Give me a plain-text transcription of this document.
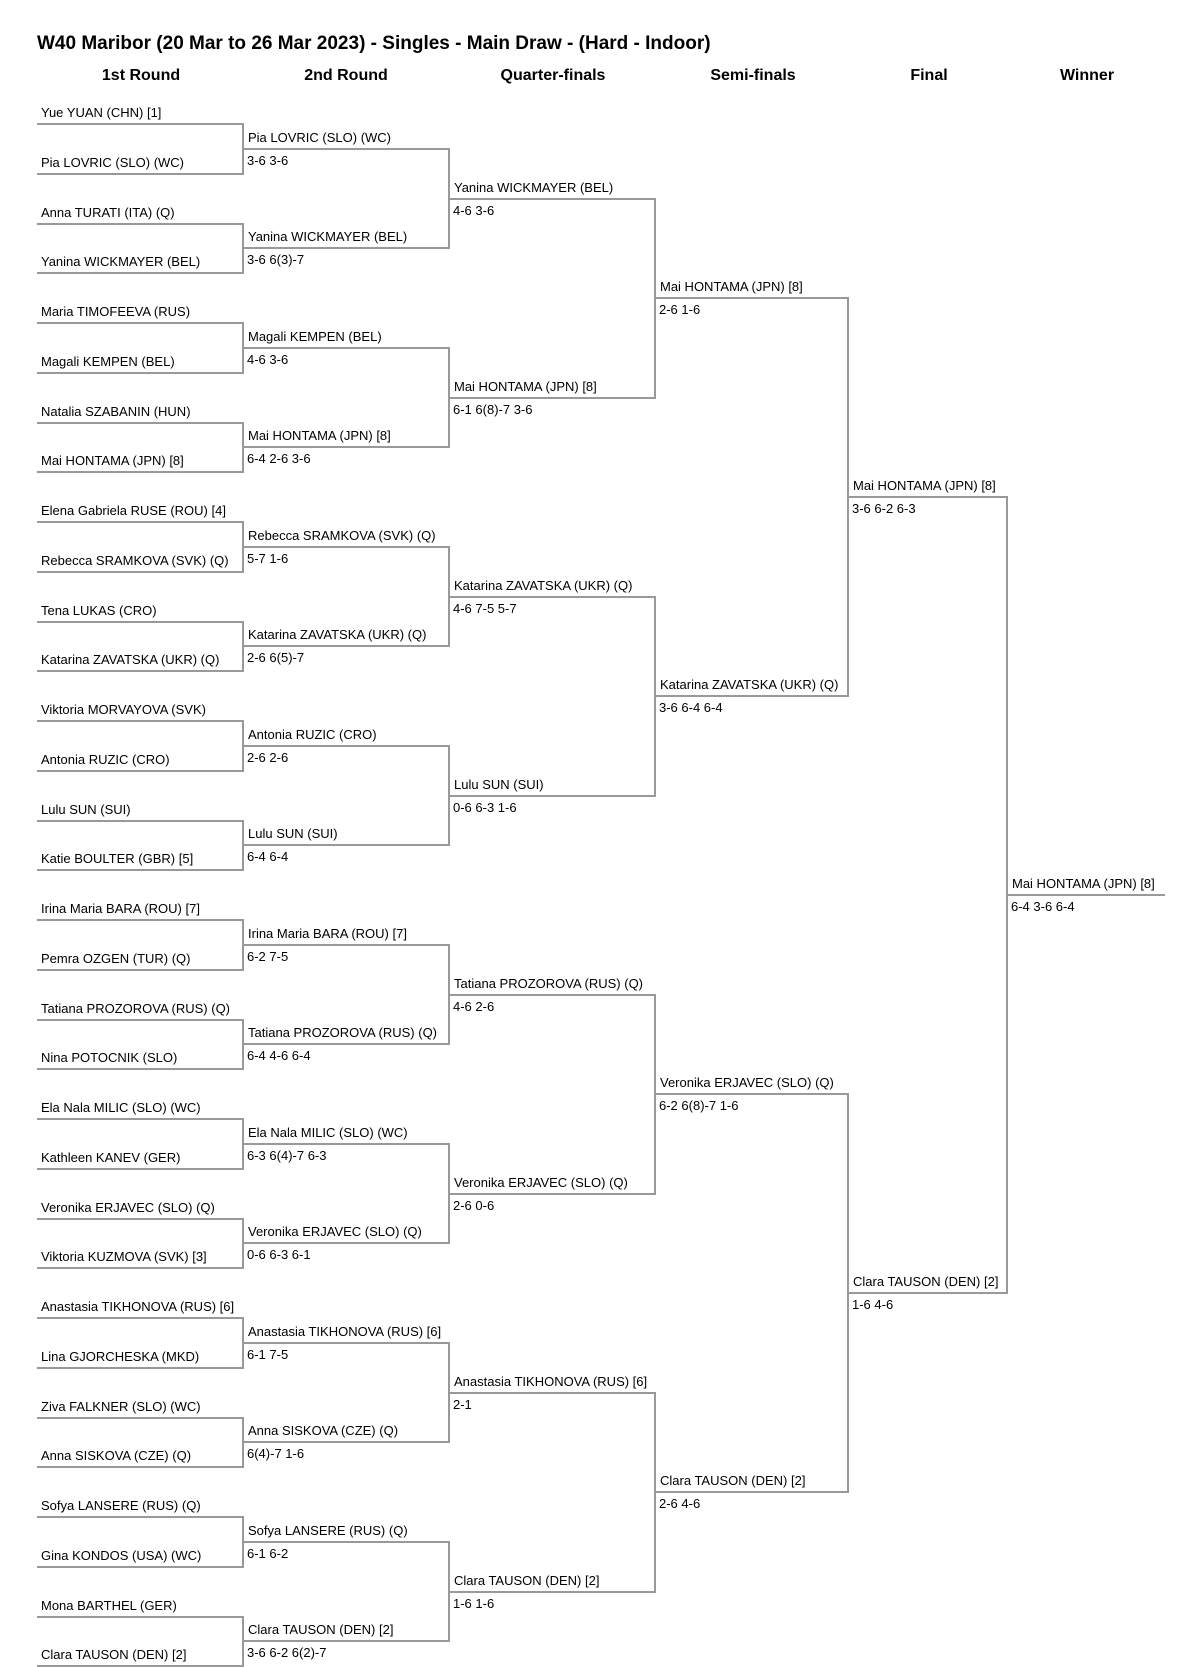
W40 Maribor (20 Mar to 26 Mar 2023) - Singles - Main Draw - (Hard - Indoor)
1st Round	2nd Round	Quarter-finals	Semi-finals	Final	Winner
Yue YUAN (CHN) [1]
Pia LOVRIC (SLO) (WC)
Anna TURATI (ITA) (Q)
Yanina WICKMAYER (BEL)
Maria TIMOFEEVA (RUS)
Magali KEMPEN (BEL)
Natalia SZABANIN (HUN)
Mai HONTAMA (JPN) [8]
Elena Gabriela RUSE (ROU) [4]
Rebecca SRAMKOVA (SVK) (Q)
Tena LUKAS (CRO)
Katarina ZAVATSKA (UKR) (Q)
Viktoria MORVAYOVA (SVK)
Antonia RUZIC (CRO)
Lulu SUN (SUI)
Katie BOULTER (GBR) [5]
Irina Maria BARA (ROU) [7]
Pemra OZGEN (TUR) (Q)
Tatiana PROZOROVA (RUS) (Q)
Nina POTOCNIK (SLO)
Ela Nala MILIC (SLO) (WC)
Kathleen KANEV (GER)
Veronika ERJAVEC (SLO) (Q)
Viktoria KUZMOVA (SVK) [3]
Anastasia TIKHONOVA (RUS) [6]
Lina GJORCHESKA (MKD)
Ziva FALKNER (SLO) (WC)
Anna SISKOVA (CZE) (Q)
Sofya LANSERE (RUS) (Q)
Gina KONDOS (USA) (WC)
Mona BARTHEL (GER)
Clara TAUSON (DEN) [2]
Pia LOVRIC (SLO) (WC)
3-6 3-6
Yanina WICKMAYER (BEL)
3-6 6(3)-7
Magali KEMPEN (BEL)
4-6 3-6
Mai HONTAMA (JPN) [8]
6-4 2-6 3-6
Rebecca SRAMKOVA (SVK) (Q)
5-7 1-6
Katarina ZAVATSKA (UKR) (Q)
2-6 6(5)-7
Antonia RUZIC (CRO)
2-6 2-6
Lulu SUN (SUI)
6-4 6-4
Irina Maria BARA (ROU) [7]
6-2 7-5
Tatiana PROZOROVA (RUS) (Q)
6-4 4-6 6-4
Ela Nala MILIC (SLO) (WC)
6-3 6(4)-7 6-3
Veronika ERJAVEC (SLO) (Q)
0-6 6-3 6-1
Anastasia TIKHONOVA (RUS) [6]
6-1 7-5
Anna SISKOVA (CZE) (Q)
6(4)-7 1-6
Sofya LANSERE (RUS) (Q)
6-1 6-2
Clara TAUSON (DEN) [2]
3-6 6-2 6(2)-7
Yanina WICKMAYER (BEL)
4-6 3-6
Mai HONTAMA (JPN) [8]
6-1 6(8)-7 3-6
Katarina ZAVATSKA (UKR) (Q)
4-6 7-5 5-7
Lulu SUN (SUI)
0-6 6-3 1-6
Tatiana PROZOROVA (RUS) (Q)
4-6 2-6
Veronika ERJAVEC (SLO) (Q)
2-6 0-6
Anastasia TIKHONOVA (RUS) [6]
2-1
Clara TAUSON (DEN) [2]
1-6 1-6
Mai HONTAMA (JPN) [8]
2-6 1-6
Katarina ZAVATSKA (UKR) (Q)
3-6 6-4 6-4
Veronika ERJAVEC (SLO) (Q)
6-2 6(8)-7 1-6
Clara TAUSON (DEN) [2]
2-6 4-6
Mai HONTAMA (JPN) [8]
3-6 6-2 6-3
Clara TAUSON (DEN) [2]
1-6 4-6
Mai HONTAMA (JPN) [8]
6-4 3-6 6-4
